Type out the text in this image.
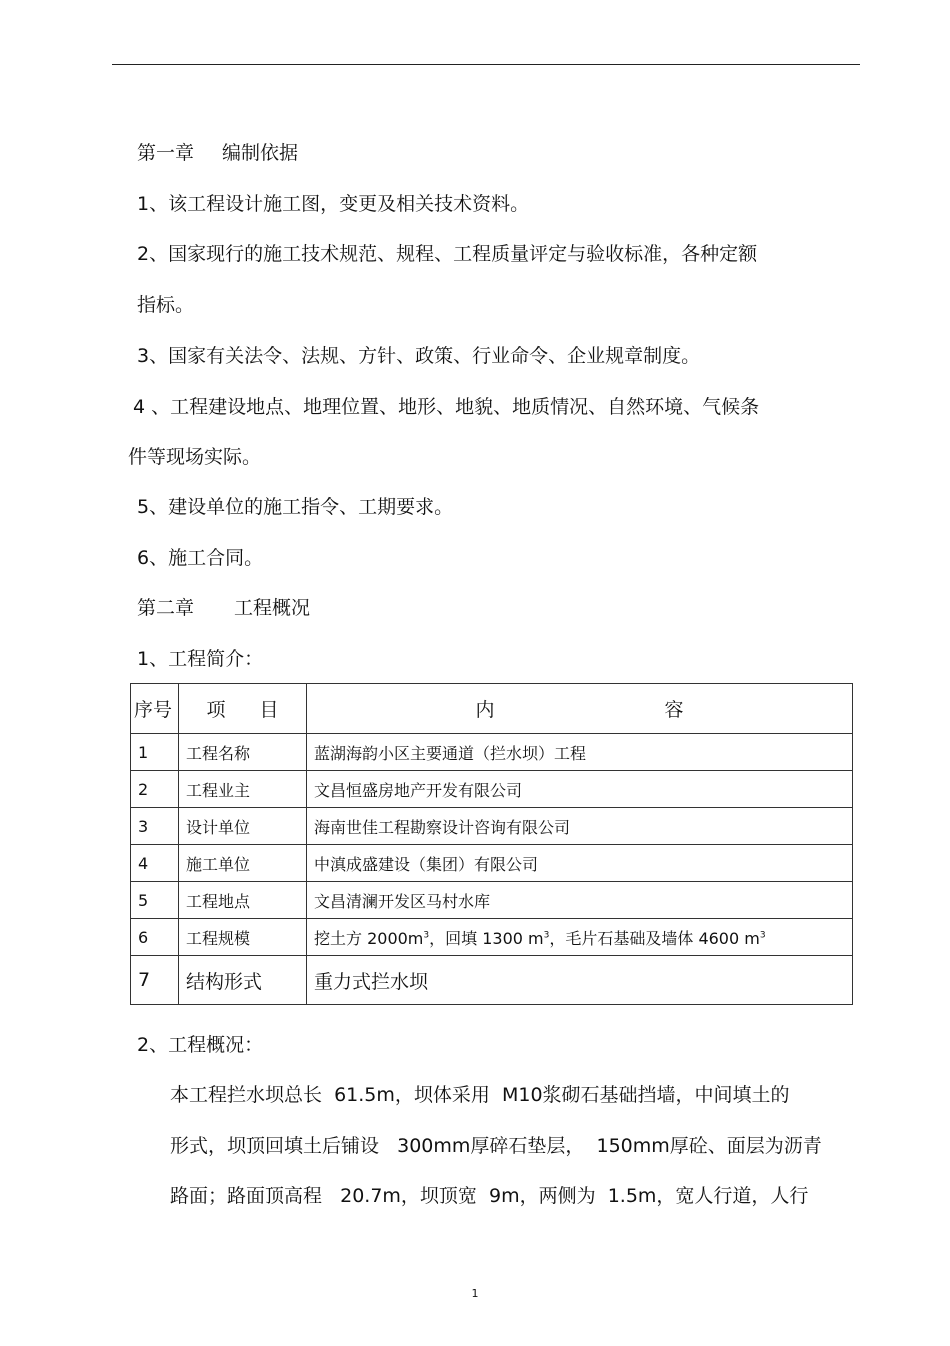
第一章 编制依据
1、该工程设计施工图，变更及相关技术资料。
2、国家现行的施工技术规范、规程、工程质量评定与验收标准，各种定额
指标。
3、国家有关法令、法规、方针、政策、行业命令、企业规章制度。
4 、工程建设地点、地理位置、地形、地貌、地质情况、自然环境、气候条
件等现场实际。
5、建设单位的施工指令、工期要求。
6、施工合同。
第二章 工程概况
1、工程简介：
序号	项 目	内 容
1	工程名称	蓝湖海韵小区主要通道（拦水坝）工程
2	工程业主	文昌恒盛房地产开发有限公司
3	设计单位	海南世佳工程勘察设计咨询有限公司
4	施工单位	中滇成盛建设（集团）有限公司
5	工程地点	文昌清澜开发区马村水库
6	工程规模	挖土方 $2000m^3$，回填 1300 $m^3$，毛片石基础及墙体 4600 $m^3$
7	结构形式	重力式拦水坝
2、工程概况：
本工程拦水坝总长  61.5m，坝体采用  M10浆砌石基础挡墙，中间填土的
形式，坝顶回填土后铺设   300mm厚碎石垫层，  150mm厚砼、面层为沥青
路面；路面顶高程   20.7m，坝顶宽  9m，两侧为  1.5m，宽人行道，人行
1
